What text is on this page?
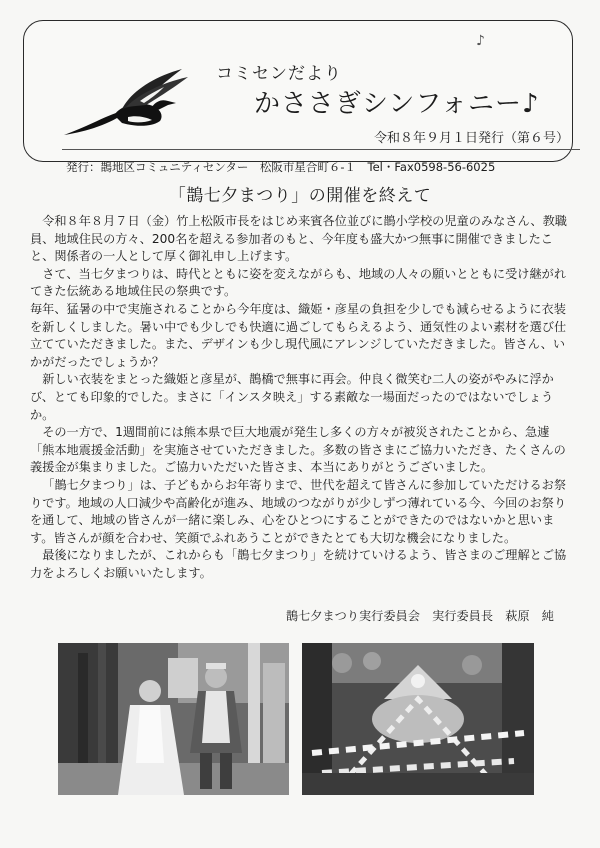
コミセンだより
かささぎシンフォニー♪
♪
令和８年９月１日発行（第６号）
発行：鵲地区コミュニティセンター　松阪市星合町６-１　Tel・Fax0598-56-6025
「鵲七夕まつり」の開催を終えて

令和８年８月７日（金）竹上松阪市長をはじめ来賓各位並びに鵲小学校の児童のみなさん、教職員、地域住民の方々、200名を超える参加者のもと、今年度も盛大かつ無事に開催できましたこと、関係者の一人として厚く御礼申し上げます。

さて、当七夕まつりは、時代とともに姿を変えながらも、地域の人々の願いとともに受け継がれてきた伝統ある地域住民の祭典です。

毎年、猛暑の中で実施されることから今年度は、織姫・彦星の負担を少しでも減らせるように衣装を新しくしました。暑い中でも少しでも快適に過ごしてもらえるよう、通気性のよい素材を選び仕立てていただきました。また、デザインも少し現代風にアレンジしていただきました。皆さん、いかがだったでしょうか？

新しい衣装をまとった織姫と彦星が、鵲橋で無事に再会。仲良く微笑む二人の姿がやみに浮かび、とても印象的でした。まさに「インスタ映え」する素敵な一場面だったのではないでしょうか。

その一方で、1週間前には熊本県で巨大地震が発生し多くの方々が被災されたことから、急遽「熊本地震援金活動」を実施させていただきました。多数の皆さまにご協力いただき、たくさんの義援金が集まりました。ご協力いただいた皆さま、本当にありがとうございました。

「鵲七夕まつり」は、子どもからお年寄りまで、世代を超えて皆さんに参加していただけるお祭りです。地域の人口減少や高齢化が進み、地域のつながりが少しずつ薄れている今、今回のお祭りを通して、地域の皆さんが一緒に楽しみ、心をひとつにすることができたのではないかと思います。皆さんが顔を合わせ、笑顔でふれあうことができたとても大切な機会になりました。

最後になりましたが、これからも「鵲七夕まつり」を続けていけるよう、皆さまのご理解とご協力をよろしくお願いいたします。

鵲七夕まつり実行委員会　実行委員長　萩原　純
